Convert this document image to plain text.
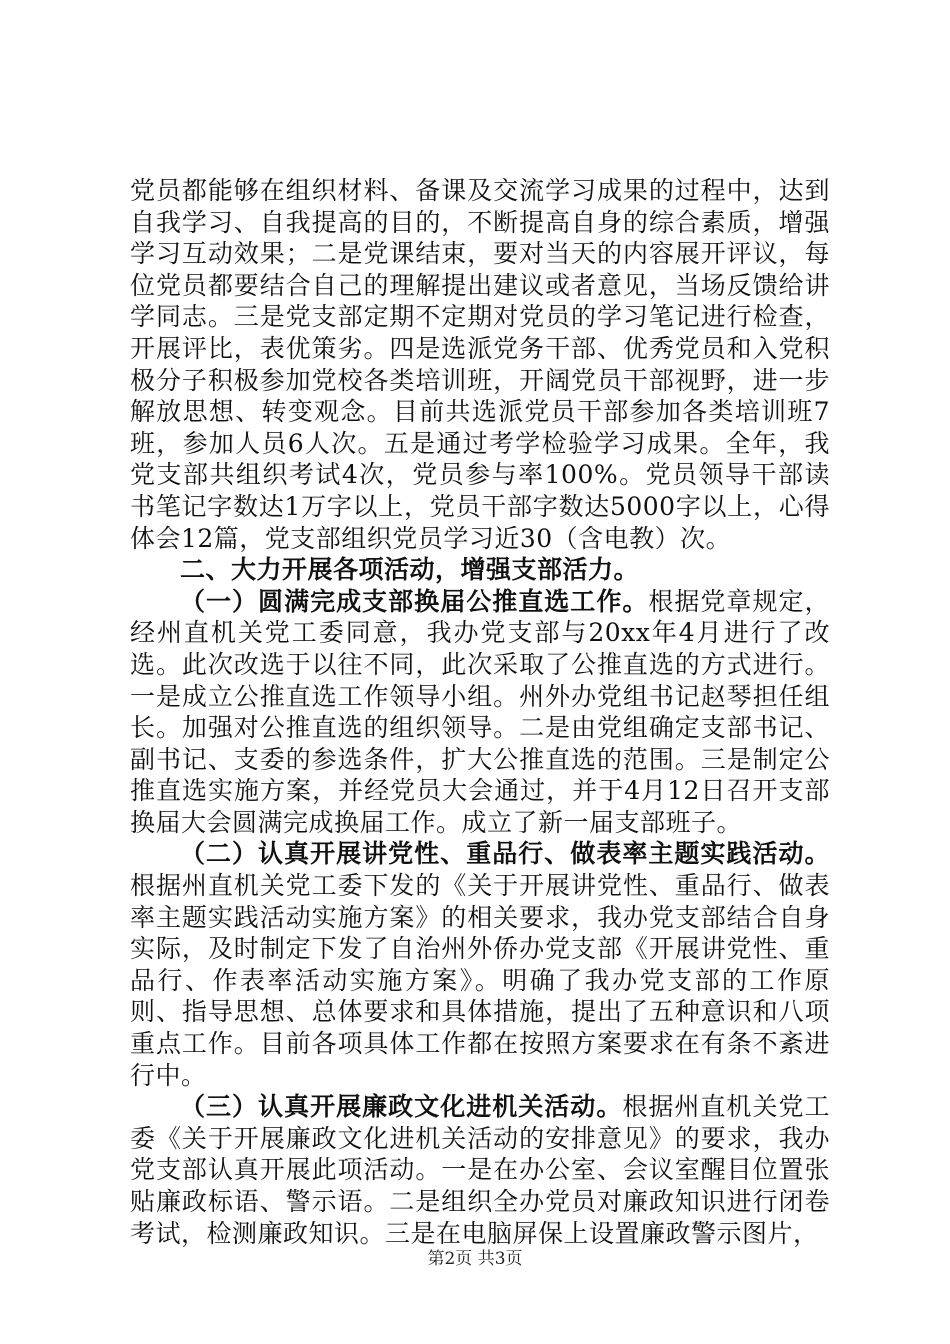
党员都能够在组织材料、备课及交流学习成果的过程中，达到自我学习、自我提高的目的，不断提高自身的综合素质，增强学习互动效果；二是党课结束，要对当天的内容展开评议，每位党员都要结合自己的理解提出建议或者意见，当场反馈给讲学同志。三是党支部定期不定期对党员的学习笔记进行检查，开展评比，表优策劣。四是选派党务干部、优秀党员和入党积极分子积极参加党校各类培训班，开阔党员干部视野，进一步解放思想、转变观念。目前共选派党员干部参加各类培训班7班，参加人员6人次。五是通过考学检验学习成果。全年，我党支部共组织考试4次，党员参与率100%。党员领导干部读书笔记字数达1万字以上，党员干部字数达5000字以上，心得体会12篇，党支部组织党员学习近30（含电教）次。

二、大力开展各项活动，增强支部活力。

（一）圆满完成支部换届公推直选工作。根据党章规定，经州直机关党工委同意，我办党支部与20xx年4月进行了改选。此次改选于以往不同，此次采取了公推直选的方式进行。一是成立公推直选工作领导小组。州外办党组书记赵琴担任组长。加强对公推直选的组织领导。二是由党组确定支部书记、副书记、支委的参选条件，扩大公推直选的范围。三是制定公推直选实施方案，并经党员大会通过，并于4月12日召开支部换届大会圆满完成换届工作。成立了新一届支部班子。

（二）认真开展讲党性、重品行、做表率主题实践活动。根据州直机关党工委下发的《关于开展讲党性、重品行、做表率主题实践活动实施方案》的相关要求，我办党支部结合自身实际，及时制定下发了自治州外侨办党支部《开展讲党性、重品行、作表率活动实施方案》。明确了我办党支部的工作原则、指导思想、总体要求和具体措施，提出了五种意识和八项重点工作。目前各项具体工作都在按照方案要求在有条不紊进行中。

（三）认真开展廉政文化进机关活动。根据州直机关党工委《关于开展廉政文化进机关活动的安排意见》的要求，我办党支部认真开展此项活动。一是在办公室、会议室醒目位置张贴廉政标语、警示语。二是组织全办党员对廉政知识进行闭卷考试，检测廉政知识。三是在电脑屏保上设置廉政警示图片，

第2页 共3页
